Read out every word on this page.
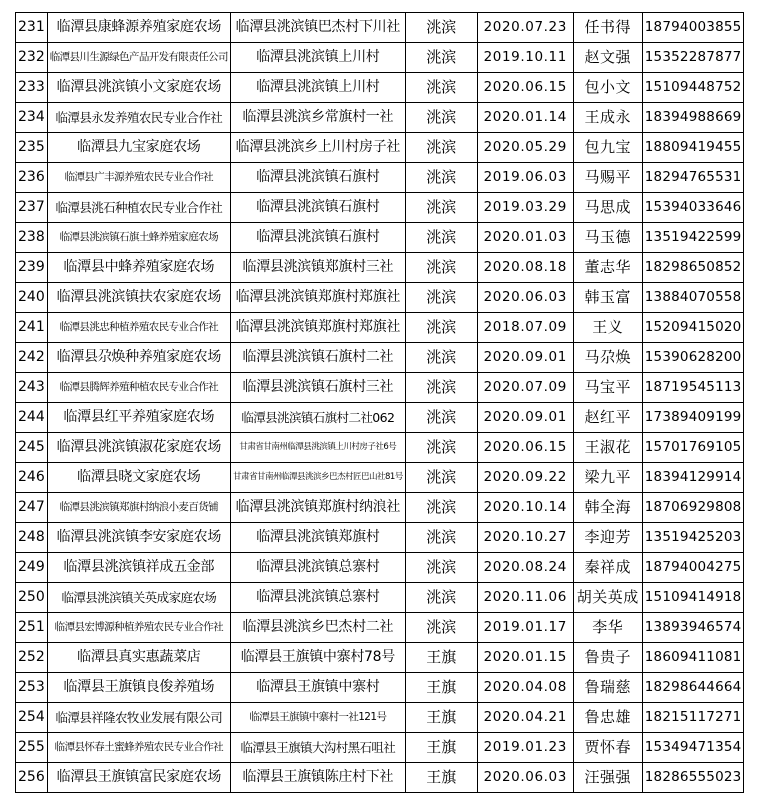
231	临潭县康蜂源养殖家庭农场	临潭县洮滨镇巴杰村下川社	洮滨	2020.07.23	任书得	18794003855
232	临潭县川生源绿色产品开发有限责任公司	临潭县洮滨镇上川村	洮滨	2019.10.11	赵文强	15352287877
233	临潭县洮滨镇小文家庭农场	临潭县洮滨镇上川村	洮滨	2020.06.15	包小文	15109448752
234	临潭县永发养殖农民专业合作社	临潭县洮滨乡常旗村一社	洮滨	2020.01.14	王成永	18394988669
235	临潭县九宝家庭农场	临潭县洮滨乡上川村房子社	洮滨	2020.05.29	包九宝	18809419455
236	临潭县广丰源养殖农民专业合作社	临潭县洮滨镇石旗村	洮滨	2019.06.03	马赐平	18294765531
237	临潭县洮石种植农民专业合作社	临潭县洮滨镇石旗村	洮滨	2019.03.29	马思成	15394033646
238	临潭县洮滨镇石旗土蜂养殖家庭农场	临潭县洮滨镇石旗村	洮滨	2020.01.03	马玉德	13519422599
239	临潭县中蜂养殖家庭农场	临潭县洮滨镇郑旗村三社	洮滨	2020.08.18	董志华	18298650852
240	临潭县洮滨镇扶农家庭农场	临潭县洮滨镇郑旗村郑旗社	洮滨	2020.06.03	韩玉富	13884070558
241	临潭县洮忠种植养殖农民专业合作社	临潭县洮滨镇郑旗村郑旗社	洮滨	2018.07.09	王义	15209415020
242	临潭县尕焕种养殖家庭农场	临潭县洮滨镇石旗村二社	洮滨	2020.09.01	马尕焕	15390628200
243	临潭县腾辉养殖种植农民专业合作社	临潭县洮滨镇石旗村三社	洮滨	2020.07.09	马宝平	18719545113
244	临潭县红平养殖家庭农场	临潭县洮滨镇石旗村二社062	洮滨	2020.09.01	赵红平	17389409199
245	临潭县洮滨镇淑花家庭农场	甘肃省甘南州临潭县洮滨镇上川村房子社6号	洮滨	2020.06.15	王淑花	15701769105
246	临潭县晓文家庭农场	甘肃省甘南州临潭县洮滨乡巴杰村匠巴山社81号	洮滨	2020.09.22	梁九平	18394129914
247	临潭县洮滨镇郑旗村纳浪小麦百货铺	临潭县洮滨镇郑旗村纳浪社	洮滨	2020.10.14	韩全海	18706929808
248	临潭县洮滨镇李安家庭农场	临潭县洮滨镇郑旗村	洮滨	2020.10.27	李迎芳	13519425203
249	临潭县洮滨镇祥成五金部	临潭县洮滨镇总寨村	洮滨	2020.08.24	秦祥成	18794004275
250	临潭县洮滨镇关英成家庭农场	临潭县洮滨镇总寨村	洮滨	2020.11.06	胡关英成	15109414918
251	临潭县宏博源种植养殖农民专业合作社	临潭县洮滨乡巴杰村二社	洮滨	2019.01.17	李华	13893946574
252	临潭县真实惠蔬菜店	临潭县王旗镇中寨村78号	王旗	2020.01.15	鲁贵子	18609411081
253	临潭县王旗镇良俊养殖场	临潭县王旗镇中寨村	王旗	2020.04.08	鲁瑞慈	18298644664
254	临潭县祥隆农牧业发展有限公司	临潭县王旗镇中寨村一社121号	王旗	2020.04.21	鲁忠雄	18215117271
255	临潭县怀春土蜜蜂养殖农民专业合作社	临潭县王旗镇大沟村黑石咀社	王旗	2019.01.23	贾怀春	15349471354
256	临潭县王旗镇富民家庭农场	临潭县王旗镇陈庄村下社	王旗	2020.06.03	汪强强	18286555023
